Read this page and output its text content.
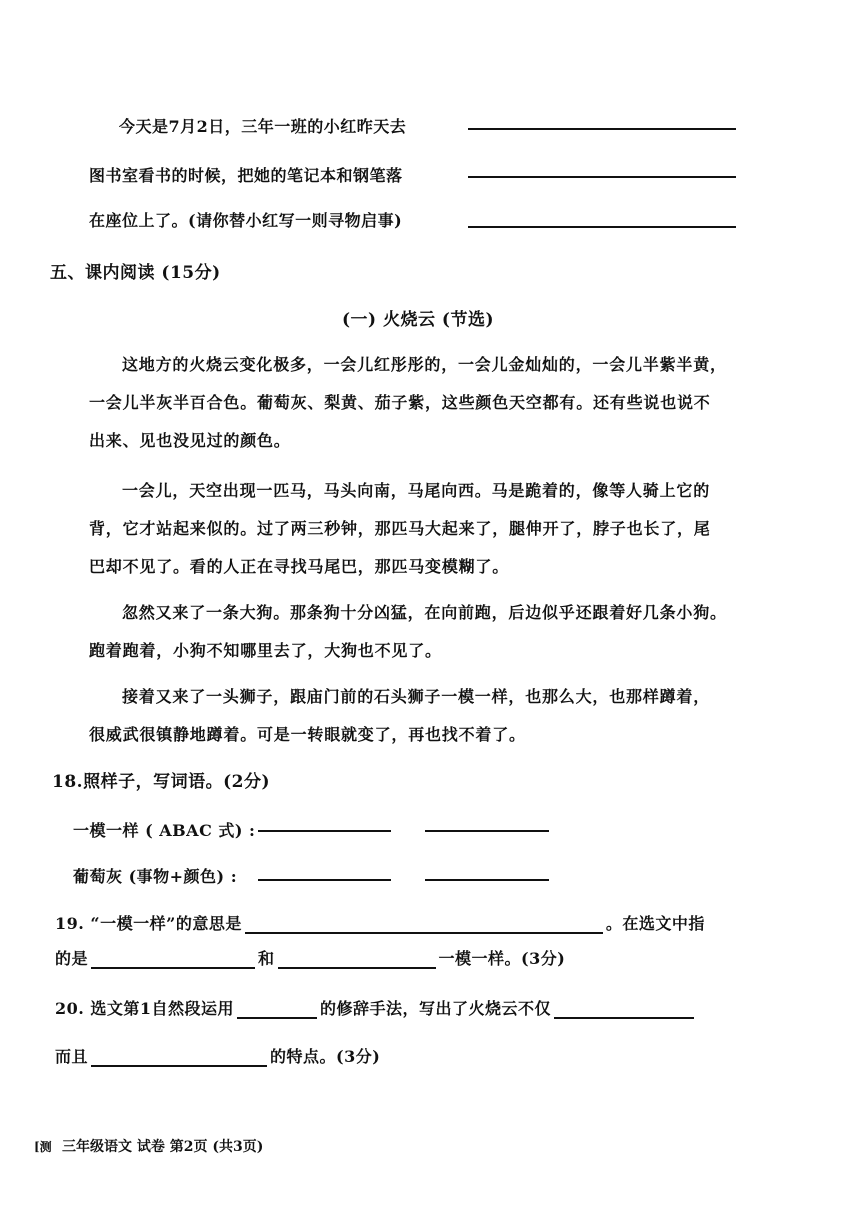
今天是7月2日，三年一班的小红昨天去
图书室看书的时候，把她的笔记本和钢笔落
在座位上了。(请你替小红写一则寻物启事)
五、课内阅读 (15分)
(一) 火烧云 (节选)
这地方的火烧云变化极多，一会儿红彤彤的，一会儿金灿灿的，一会儿半紫半黄，
一会儿半灰半百合色。葡萄灰、梨黄、茄子紫，这些颜色天空都有。还有些说也说不
出来、见也没见过的颜色。
一会儿，天空出现一匹马，马头向南，马尾向西。马是跪着的，像等人骑上它的
背，它才站起来似的。过了两三秒钟，那匹马大起来了，腿伸开了，脖子也长了，尾
巴却不见了。看的人正在寻找马尾巴，那匹马变模糊了。
忽然又来了一条大狗。那条狗十分凶猛，在向前跑，后边似乎还跟着好几条小狗。
跑着跑着，小狗不知哪里去了，大狗也不见了。
接着又来了一头狮子，跟庙门前的石头狮子一模一样，也那么大，也那样蹲着，
很威武很镇静地蹲着。可是一转眼就变了，再也找不着了。
18.照样子，写词语。(2分)
一模一样 ( ABAC 式) :
葡萄灰 (事物+颜色) :
19. “一模一样”的意思是	。在选文中指
的是	和	一模一样。(3分)
20. 选文第1自然段运用	的修辞手法，写出了火烧云不仅
而且	的特点。(3分)
[测 三年级语文 试卷 第2页 (共3页)
